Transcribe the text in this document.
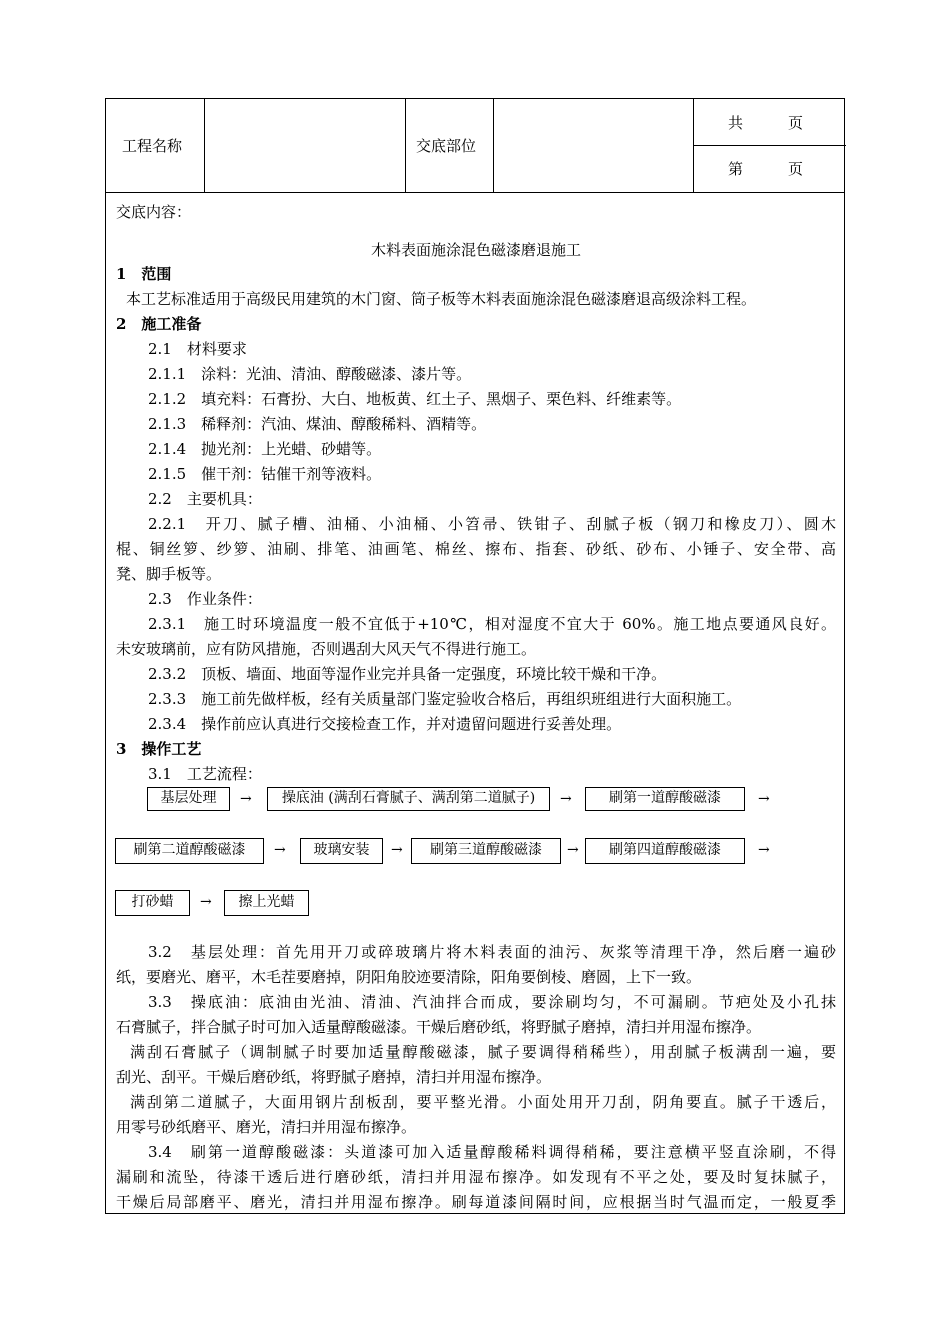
工程名称	交底部位
共　　　页
第　　　页
交底内容：
木料表面施涂混色磁漆磨退施工
1　范围
本工艺标准适用于高级民用建筑的木门窗、筒子板等木料表面施涂混色磁漆磨退高级涂料工程。
2　施工准备
2.1　材料要求
2.1.1　涂料：光油、清油、醇酸磁漆、漆片等。
2.1.2　填充料：石膏扮、大白、地板黄、红土子、黑烟子、栗色料、纤维素等。
2.1.3　稀释剂：汽油、煤油、醇酸稀料、酒精等。
2.1.4　抛光剂：上光蜡、砂蜡等。
2.1.5　催干剂：钴催干剂等液料。
2.2　主要机具：
2.2.1　开刀、腻子槽、油桶、小油桶、小笤帚、铁钳子、刮腻子板（钢刀和橡皮刀）、圆木
棍、铜丝箩、纱箩、油刷、排笔、油画笔、棉丝、擦布、指套、砂纸、砂布、小锤子、安全带、高
凳、脚手板等。
2.3　作业条件：
2.3.1　施工时环境温度一般不宜低于+10℃，相对湿度不宜大于 60%。施工地点要通风良好。
未安玻璃前，应有防风措施，否则遇刮大风天气不得进行施工。
2.3.2　顶板、墙面、地面等湿作业完并具备一定强度，环境比较干燥和干净。
2.3.3　施工前先做样板，经有关质量部门鉴定验收合格后，再组织班组进行大面积施工。
2.3.4　操作前应认真进行交接检查工作，并对遗留问题进行妥善处理。
3　操作工艺
3.1　工艺流程：
基层处理	→	操底油 (满刮石膏腻子、满刮第二道腻子)	→	刷第一道醇酸磁漆	→
刷第二道醇酸磁漆	→	玻璃安装	→	刷第三道醇酸磁漆	→	刷第四道醇酸磁漆	→
打砂蜡	→	擦上光蜡
3.2　基层处理：首先用开刀或碎玻璃片将木料表面的油污、灰浆等清理干净，然后磨一遍砂
纸，要磨光、磨平，木毛茬要磨掉，阴阳角胶迹要清除，阳角要倒棱、磨圆，上下一致。
3.3　操底油：底油由光油、清油、汽油拌合而成，要涂刷均匀，不可漏刷。节疤处及小孔抹
石膏腻子，拌合腻子时可加入适量醇酸磁漆。干燥后磨砂纸，将野腻子磨掉，清扫并用湿布擦净。
满刮石膏腻子（调制腻子时要加适量醇酸磁漆，腻子要调得稍稀些），用刮腻子板满刮一遍，要
刮光、刮平。干燥后磨砂纸，将野腻子磨掉，清扫并用湿布擦净。
满刮第二道腻子，大面用钢片刮板刮，要平整光滑。小面处用开刀刮，阴角要直。腻子干透后，
用零号砂纸磨平、磨光，清扫并用湿布擦净。
3.4　刷第一道醇酸磁漆：头道漆可加入适量醇酸稀料调得稍稀，要注意横平竖直涂刷，不得
漏刷和流坠，待漆干透后进行磨砂纸，清扫并用湿布擦净。如发现有不平之处，要及时复抹腻子，
干燥后局部磨平、磨光，清扫并用湿布擦净。刷每道漆间隔时间，应根据当时气温而定，一般夏季
